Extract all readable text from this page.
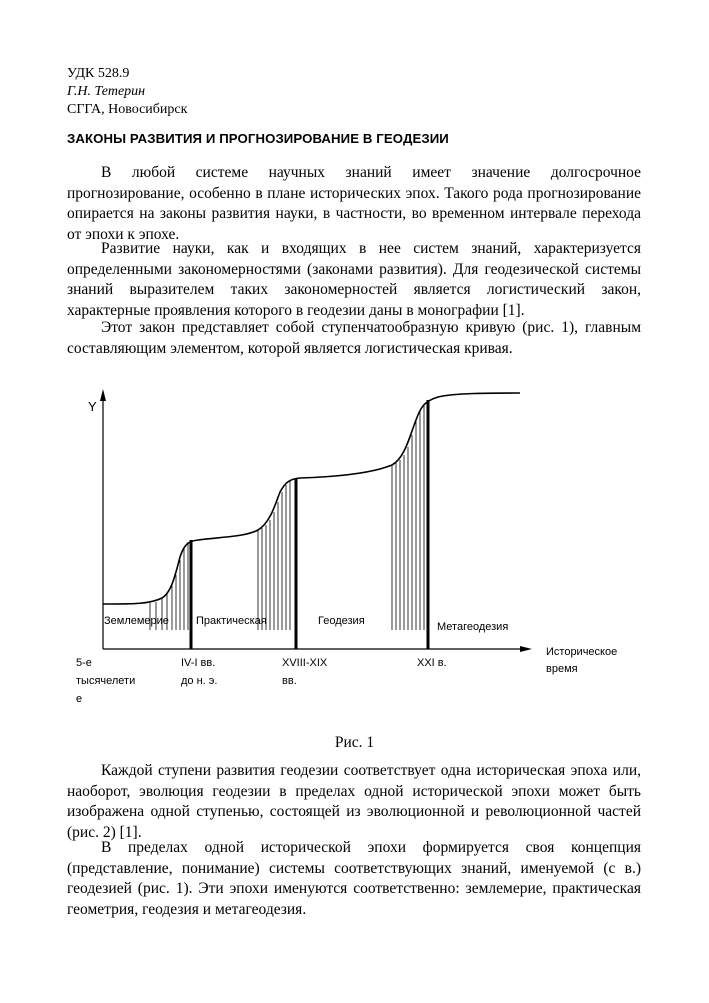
УДК 528.9
Г.Н. Тетерин
СГГА, Новосибирск
ЗАКОНЫ РАЗВИТИЯ И ПРОГНОЗИРОВАНИЕ В ГЕОДЕЗИИ

В любой системе научных знаний имеет значение долгосрочное прогнозирование, особенно в плане исторических эпох. Такого рода прогнозирование опирается на законы развития науки, в частности, во временном интервале перехода от эпохи к эпохе.

Развитие науки, как и входящих в нее систем знаний, характеризуется определенными закономерностями (законами развития). Для геодезической системы знаний выразителем таких закономерностей является логистический закон, характерные проявления которого в геодезии даны в монографии [1].

Этот закон представляет собой ступенчатообразную кривую (рис. 1), главным составляющим элементом, которой является логистическая кривая.

Y
Историческое
время
Землемерие Практическая	Геодезия	Метагеодезия
5-е
тысячелети
е
IV-I вв.
до н. э.
XVIII-XIX
вв.
XXI в.
Рис. 1

Каждой ступени развития геодезии соответствует одна историческая эпоха или, наоборот, эволюция геодезии в пределах одной исторической эпохи может быть изображена одной ступенью, состоящей из эволюционной и революционной частей (рис. 2) [1].

В пределах одной исторической эпохи формируется своя концепция (представление, понимание) системы соответствующих знаний, именуемой (с в.) геодезией (рис. 1). Эти эпохи именуются соответственно: землемерие, практическая геометрия, геодезия и метагеодезия.
